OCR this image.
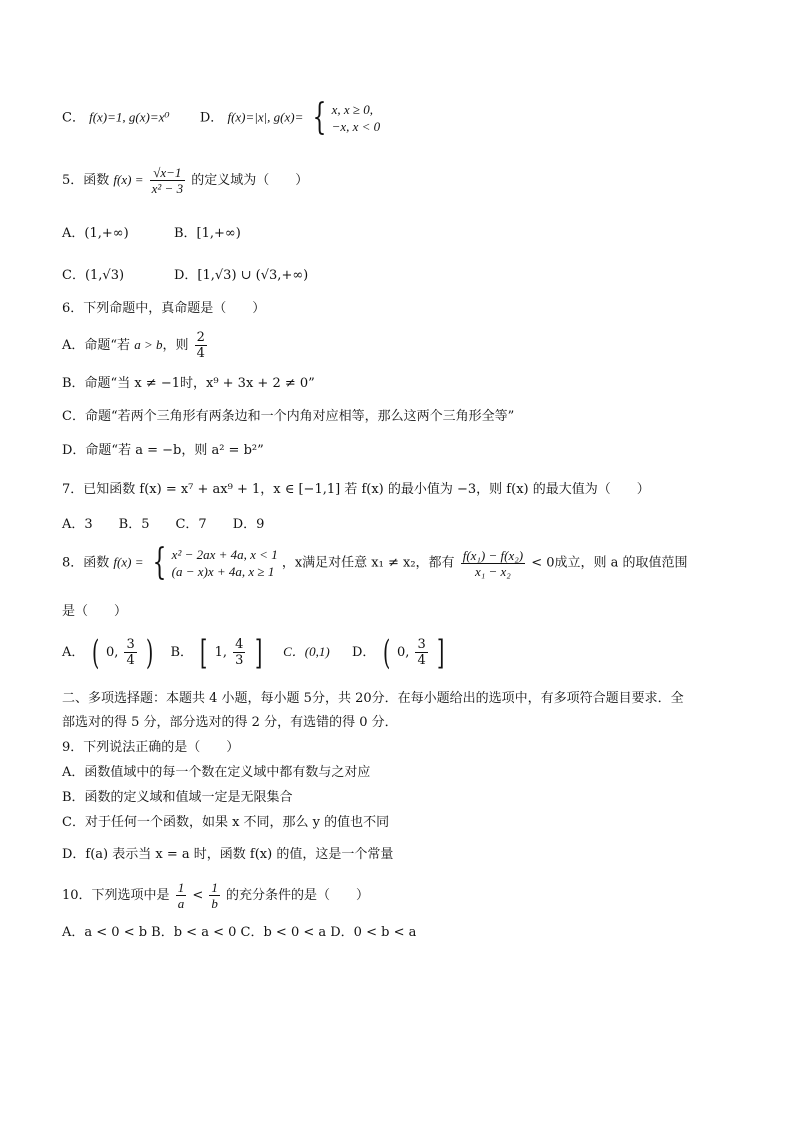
C． f(x)=1, g(x)=x⁰ D． f(x)=|x|, g(x)= { x, x ≥ 0,
−x, x < 0
5．函数 $f(x) = \frac{√x-1}{\text{x² − 3}}$ 的定义域为（　　）
A．(1,+∞)	B．[1,+∞)
C．(1,√3)	D．[1,√3) ∪ (√3,+∞)
6．下列命题中，真命题是（　　）
A．命题“若 a > b，则 $\frac{2}{4}$
B．命题“当 x ≠ −1时，x⁹ + 3x + 2 ≠ 0”
C．命题“若两个三角形有两条边和一个内角对应相等，那么这两个三角形全等”
D．命题“若 a = −b，则 a² = b²”
7．已知函数 f(x) = x⁷ + ax⁹ + 1，x ∈ [−1,1] 若 f(x) 的最小值为 −3，则 f(x) 的最大值为（　　）
A．3　　B．5　　C．7　　D．9
8．函数 f(x) = { x² − 2ax + 4a, x < 1
(a − x)x + 4a, x ≥ 1
，x满足对任意 x₁ ≠ x₂，都有 $\frac{\text{f(x₁) − f(x₂)}}{\text{x₁ − x₂}} < 0$成立，则 a 的取值范围
是（　　）
A． ( 0, $\frac{3}{4}$ ) B． [ 1, $\frac{4}{3}$ ] C．(0,1) D． ( 0, $\frac{3}{4}$ ]
二、多项选择题：本题共 4 小题，每小题 5分，共 20分．在每小题给出的选项中，有多项符合题目要求．全
部选对的得 5 分，部分选对的得 2 分，有选错的得 0 分．
9．下列说法正确的是（　　）
A．函数值域中的每一个数在定义域中都有数与之对应
B．函数的定义域和值域一定是无限集合
C．对于任何一个函数，如果 x 不同，那么 y 的值也不同
D．f(a) 表示当 x = a 时，函数 f(x) 的值，这是一个常量
10．下列选项中是 $\frac{1}{a} < \frac{1}{b}$ 的充分条件的是（　　）
A．a < 0 < b B．b < a < 0 C．b < 0 < a D．0 < b < a
